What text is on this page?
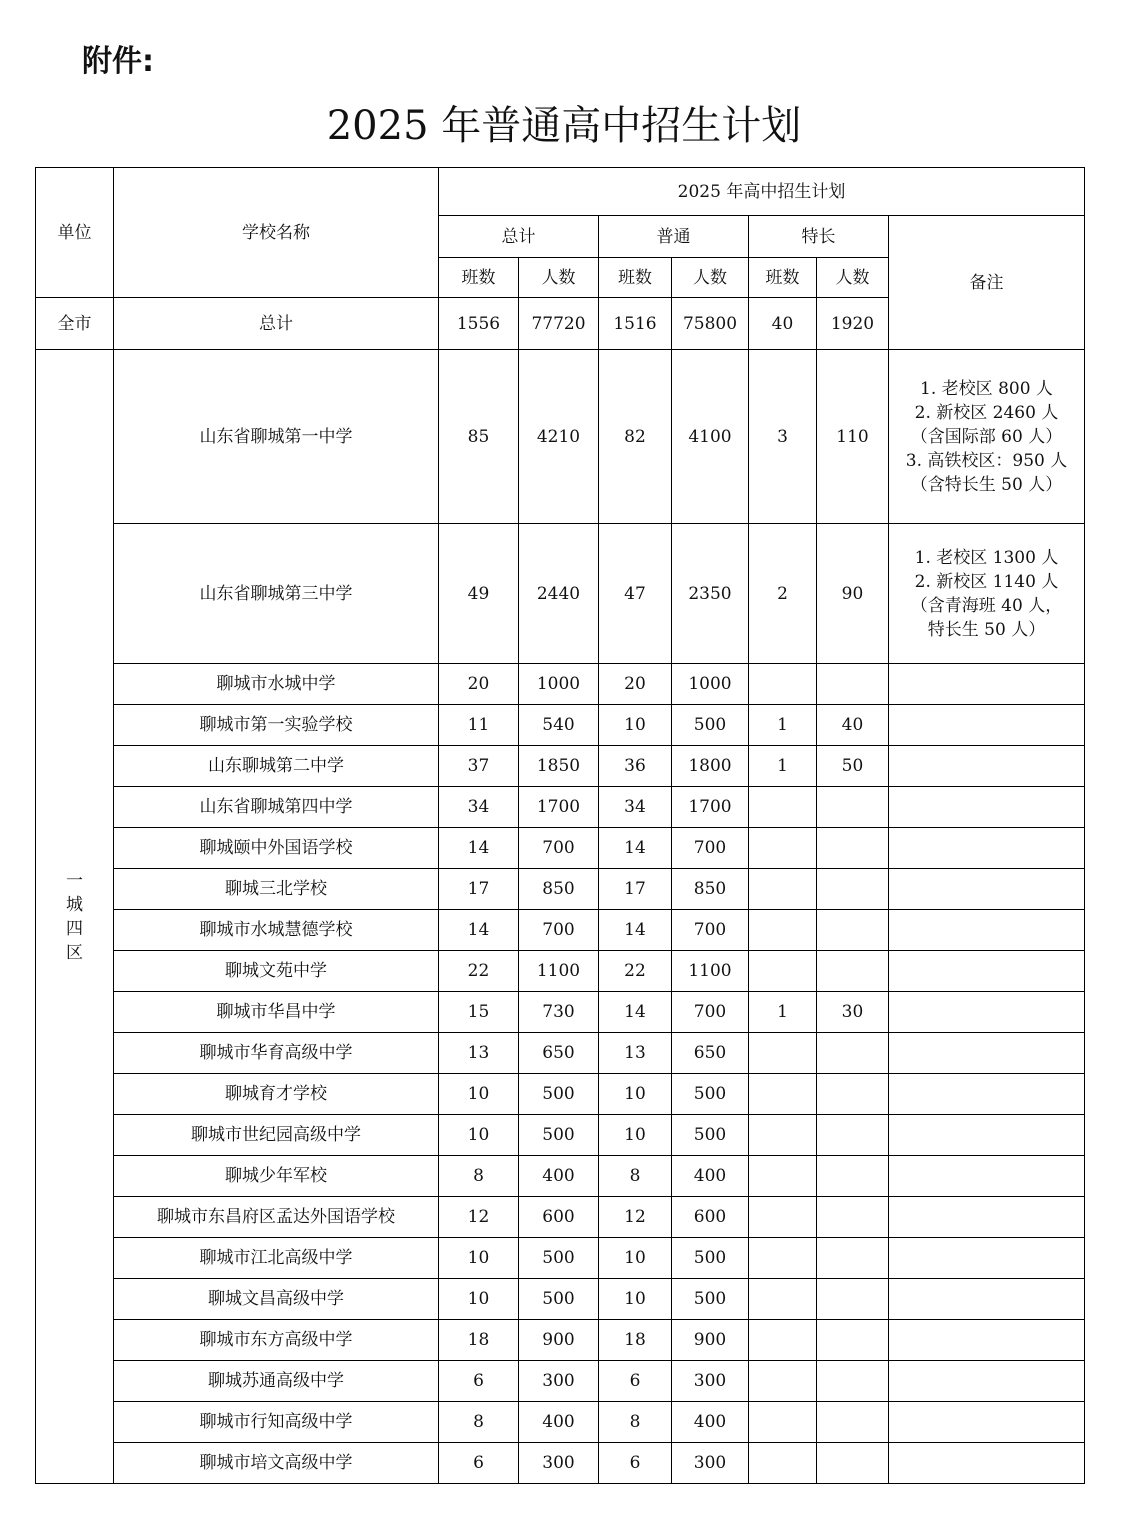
附件:
2025 年普通高中招生计划
单位	学校名称	2025 年高中招生计划						
		总计		普通		特长		备注
		班数	人数	班数	人数	班数	人数	
全市	总计	1556	77720	1516	75800	40	1920	

一
城
四
区	山东省聊城第一中学	85	4210	82	4100	3	110	1. 老校区 800 人
2. 新校区 2460 人
（含国际部 60 人）
3. 高铁校区：950 人
（含特长生 50 人）

	山东省聊城第三中学	49	2440	47	2350	2	90	1. 老校区 1300 人
2. 新校区 1140 人
（含青海班 40 人，
特长生 50 人）

	聊城市水城中学	20	1000	20	1000			
	聊城市第一实验学校	11	540	10	500	1	40	
	山东聊城第二中学	37	1850	36	1800	1	50	
	山东省聊城第四中学	34	1700	34	1700			
	聊城颐中外国语学校	14	700	14	700			
	聊城三北学校	17	850	17	850			
	聊城市水城慧德学校	14	700	14	700			
	聊城文苑中学	22	1100	22	1100			
	聊城市华昌中学	15	730	14	700	1	30	
	聊城市华育高级中学	13	650	13	650			
	聊城育才学校	10	500	10	500			
	聊城市世纪园高级中学	10	500	10	500			
	聊城少年军校	8	400	8	400			
	聊城市东昌府区孟达外国语学校	12	600	12	600			
	聊城市江北高级中学	10	500	10	500			
	聊城文昌高级中学	10	500	10	500			
	聊城市东方高级中学	18	900	18	900			
	聊城苏通高级中学	6	300	6	300			
	聊城市行知高级中学	8	400	8	400			
	聊城市培文高级中学	6	300	6	300			
